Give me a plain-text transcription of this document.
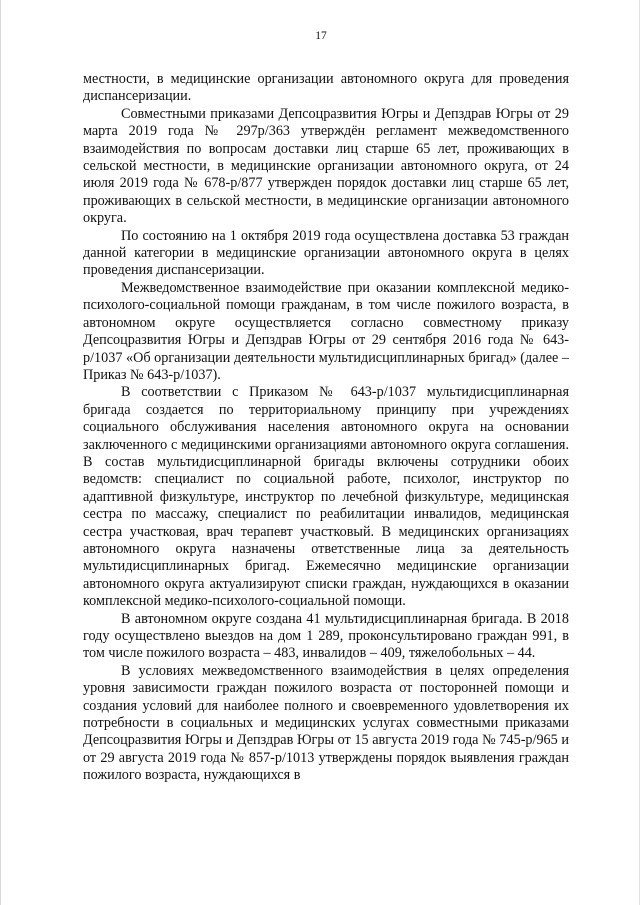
17

местности, в медицинские организации автономного округа для проведения диспансеризации.

Совместными приказами Депсоцразвития Югры и Депздрав Югры от 29 марта 2019 года № 297р/363 утверждён регламент межведомственного взаимодействия по вопросам доставки лиц старше 65 лет, проживающих в сельской местности, в медицинские организации автономного округа, от 24 июля 2019 года № 678-р/877 утвержден порядок доставки лиц старше 65 лет, проживающих в сельской местности, в медицинские организации автономного округа.

По состоянию на 1 октября 2019 года осуществлена доставка 53 граждан данной категории в медицинские организации автономного округа в целях проведения диспансеризации.

Межведомственное взаимодействие при оказании комплексной медико-психолого-социальной помощи гражданам, в том числе пожилого возраста, в автономном округе осуществляется согласно совместному приказу Депсоцразвития Югры и Депздрав Югры от 29 сентября 2016 года № 643-р/1037 «Об организации деятельности мультидисциплинарных бригад» (далее – Приказ № 643-р/1037).

В соответствии с Приказом № 643-р/1037 мультидисциплинарная бригада создается по территориальному принципу при учреждениях социального обслуживания населения автономного округа на основании заключенного с медицинскими организациями автономного округа соглашения. В состав мультидисциплинарной бригады включены сотрудники обоих ведомств: специалист по социальной работе, психолог, инструктор по адаптивной физкультуре, инструктор по лечебной физкультуре, медицинская сестра по массажу, специалист по реабилитации инвалидов, медицинская сестра участковая, врач терапевт участковый. В медицинских организациях автономного округа назначены ответственные лица за деятельность мультидисциплинарных бригад. Ежемесячно медицинские организации автономного округа актуализируют списки граждан, нуждающихся в оказании комплексной медико-психолого-социальной помощи.

В автономном округе создана 41 мультидисциплинарная бригада. В 2018 году осуществлено выездов на дом 1 289, проконсультировано граждан 991, в том числе пожилого возраста – 483, инвалидов – 409, тяжелобольных – 44.

В условиях межведомственного взаимодействия в целях определения уровня зависимости граждан пожилого возраста от посторонней помощи и создания условий для наиболее полного и своевременного удовлетворения их потребности в социальных и медицинских услугах совместными приказами Депсоцразвития Югры и Депздрав Югры от 15 августа 2019 года № 745-р/965 и от 29 августа 2019 года № 857-р/1013 утверждены порядок выявления граждан пожилого возраста, нуждающихся в
